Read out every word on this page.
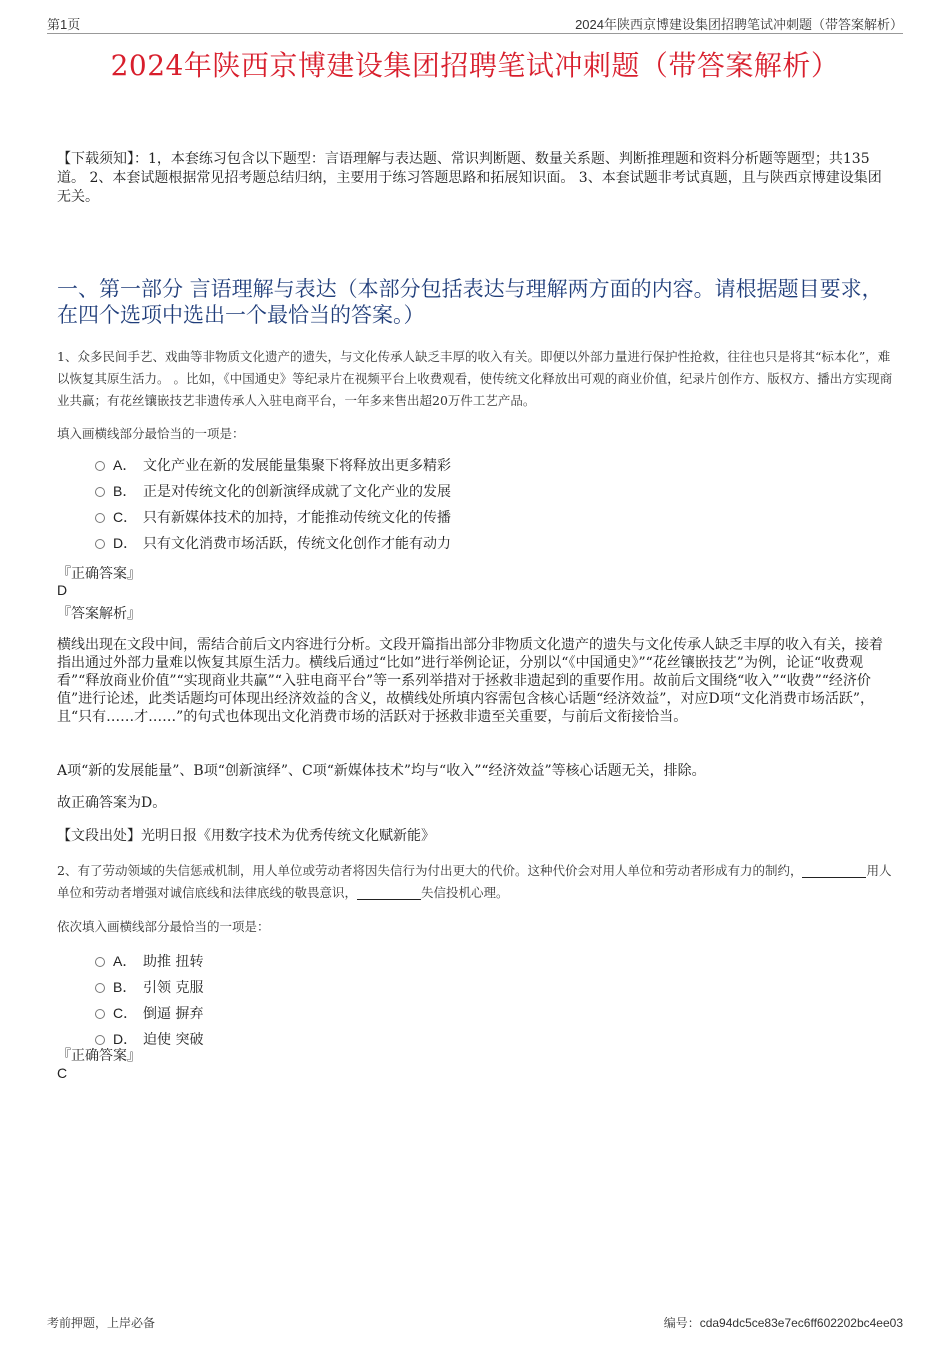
第1页	2024年陕西京博建设集团招聘笔试冲刺题（带答案解析）
2024年陕西京博建设集团招聘笔试冲刺题（带答案解析）
【下载须知】：1，本套练习包含以下题型：言语理解与表达题、常识判断题、数量关系题、判断推理题和资料分析题等题型；共135道。 2、本套试题根据常见招考题总结归纳，主要用于练习答题思路和拓展知识面。 3、本套试题非考试真题，且与陕西京博建设集团无关。
一、第一部分 言语理解与表达（本部分包括表达与理解两方面的内容。请根据题目要求，在四个选项中选出一个最恰当的答案。）
1、众多民间手艺、戏曲等非物质文化遗产的遗失，与文化传承人缺乏丰厚的收入有关。即便以外部力量进行保护性抢救，往往也只是将其“标本化”，难以恢复其原生活力。 。比如，《中国通史》等纪录片在视频平台上收费观看，使传统文化释放出可观的商业价值，纪录片创作方、版权方、播出方实现商业共赢；有花丝镶嵌技艺非遗传承人入驻电商平台，一年多来售出超20万件工艺产品。
填入画横线部分最恰当的一项是：
A． 文化产业在新的发展能量集聚下将释放出更多精彩
B． 正是对传统文化的创新演绎成就了文化产业的发展
C． 只有新媒体技术的加持，才能推动传统文化的传播
D． 只有文化消费市场活跃，传统文化创作才能有动力
『正确答案』
D
『答案解析』
横线出现在文段中间，需结合前后文内容进行分析。文段开篇指出部分非物质文化遗产的遗失与文化传承人缺乏丰厚的收入有关，接着指出通过外部力量难以恢复其原生活力。横线后通过“比如”进行举例论证，分别以“《中国通史》”“花丝镶嵌技艺”为例，论证“收费观看”“释放商业价值”“实现商业共赢”“入驻电商平台”等一系列举措对于拯救非遗起到的重要作用。故前后文围绕“收入”“收费”“经济价值”进行论述，此类话题均可体现出经济效益的含义，故横线处所填内容需包含核心话题“经济效益”，对应D项“文化消费市场活跃”，且“只有……才……”的句式也体现出文化消费市场的活跃对于拯救非遗至关重要，与前后文衔接恰当。
A项“新的发展能量”、B项“创新演绎”、C项“新媒体技术”均与“收入”“经济效益”等核心话题无关，排除。
故正确答案为D。
【文段出处】光明日报《用数字技术为优秀传统文化赋新能》
2、有了劳动领域的失信惩戒机制，用人单位或劳动者将因失信行为付出更大的代价。这种代价会对用人单位和劳动者形成有力的制约，	用人单位和劳动者增强对诚信底线和法律底线的敬畏意识，	失信投机心理。
依次填入画横线部分最恰当的一项是：
A． 助推 扭转
B． 引领 克服
C． 倒逼 摒弃
D． 迫使 突破
『正确答案』
C
考前押题，上岸必备	编号：cda94dc5ce83e7ec6ff602202bc4ee03
